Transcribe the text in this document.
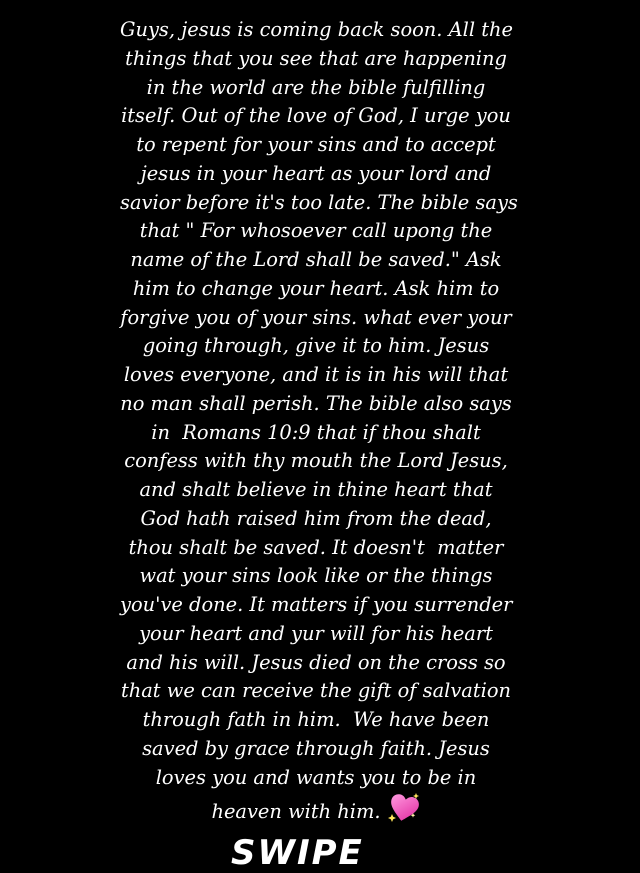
Guys, jesus is coming back soon. All the
things that you see that are happening
in the world are the bible fulfilling
itself. Out of the love of God, I urge you
to repent for your sins and to accept
jesus in your heart as your lord and
savior before it's too late. The bible says
that " For whosoever call upong the
name of the Lord shall be saved." Ask
him to change your heart. Ask him to
forgive you of your sins. what ever your
going through, give it to him. Jesus
loves everyone, and it is in his will that
no man shall perish. The bible also says
in  Romans 10:9 that if thou shalt
confess with thy mouth the Lord Jesus,
and shalt believe in thine heart that
God hath raised him from the dead,
thou shalt be saved. It doesn't  matter
wat your sins look like or the things
you've done. It matters if you surrender
your heart and yur will for his heart
and his will. Jesus died on the cross so
that we can receive the gift of salvation
through fath in him.  We have been
saved by grace through faith. Jesus
loves you and wants you to be in
heaven with him.

SWIPE
